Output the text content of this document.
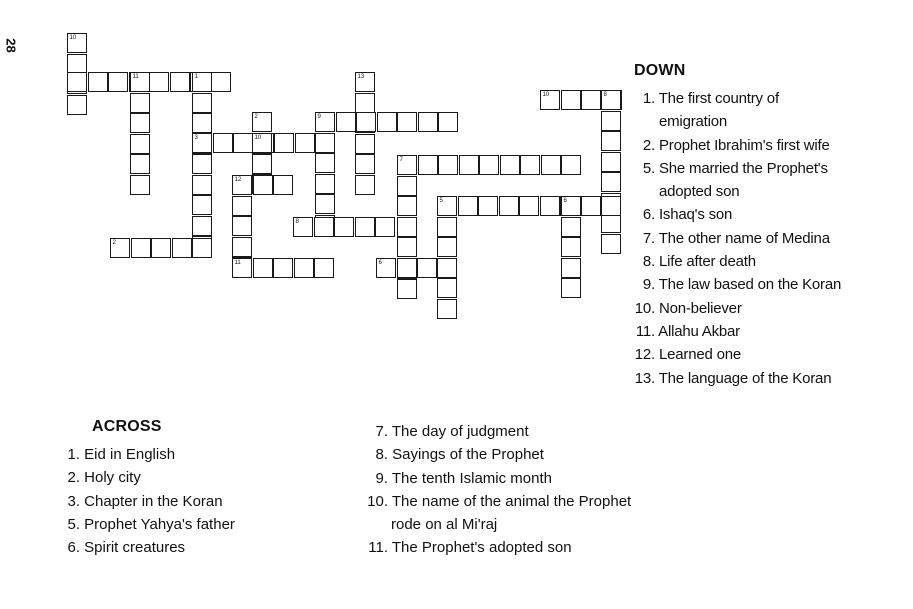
28
10
11	1	13
10	8
2	9
3	10
7
12
5	6
8
2
11	6
DOWN
1. The first country of
emigration
2. Prophet Ibrahim's first wife
5. She married the Prophet's
adopted son
6. Ishaq's son
7. The other name of Medina
8. Life after death
9. The law based on the Koran
10. Non-believer
11. Allahu Akbar
12. Learned one
13. The language of the Koran
ACROSS
1. Eid in English
2. Holy city
3. Chapter in the Koran
5. Prophet Yahya's father
6. Spirit creatures
7. The day of judgment
8. Sayings of the Prophet
9. The tenth Islamic month
10. The name of the animal the Prophet
rode on al Mi'raj
11. The Prophet's adopted son
